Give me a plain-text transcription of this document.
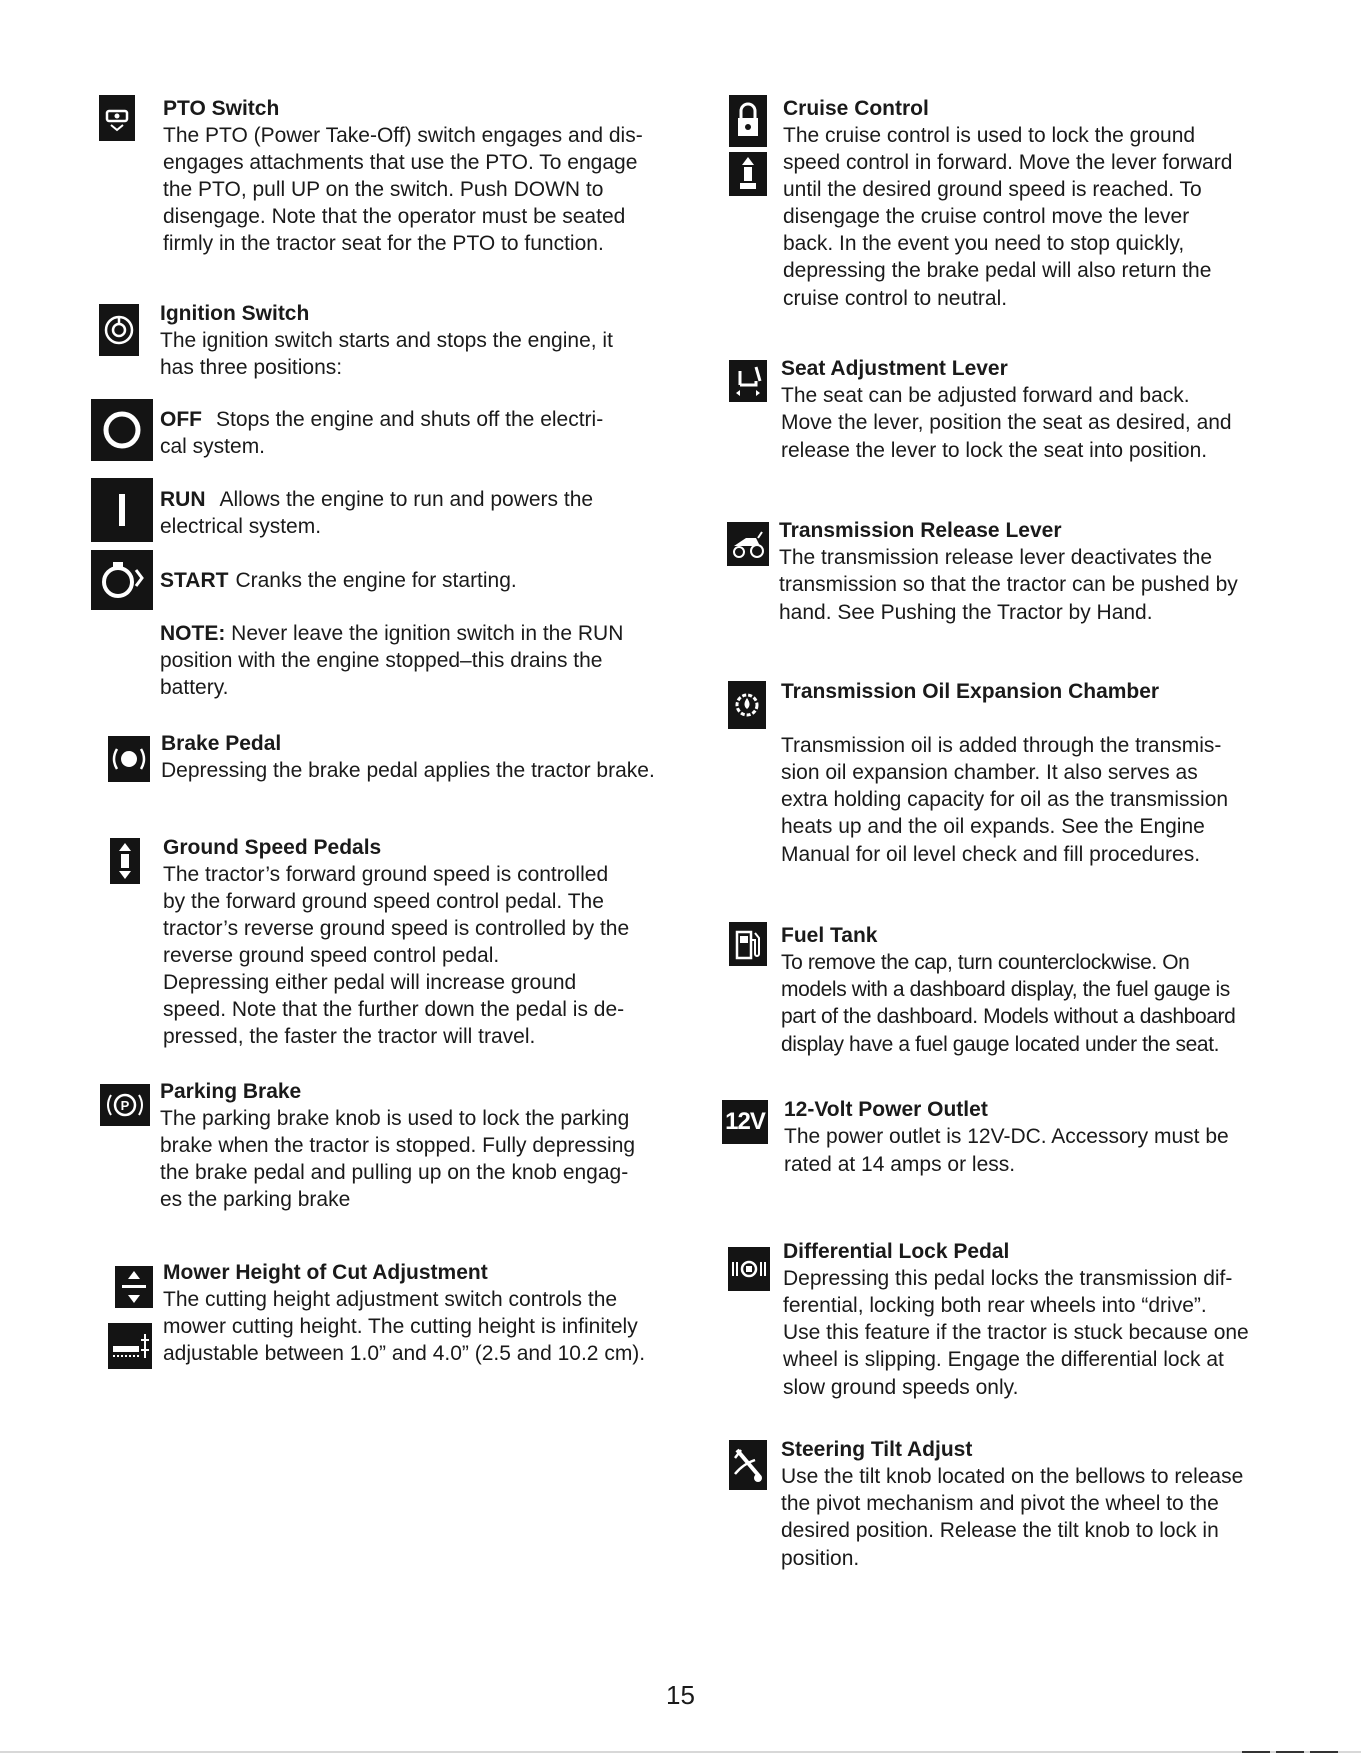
PTO Switch

The PTO (Power Take-Off) switch engages and dis-

engages attachments that use the PTO. To engage

the PTO, pull UP on the switch. Push DOWN to

disengage. Note that the operator must be seated

firmly in the tractor seat for the PTO to function.

Ignition Switch

The ignition switch starts and stops the engine, it

has three positions:

OFF Stops the engine and shuts off the electri-

cal system.

RUN Allows the engine to run and powers the

electrical system.

START Cranks the engine for starting.

NOTE: Never leave the ignition switch in the RUN

position with the engine stopped–this drains the

battery.

Brake Pedal

Depressing the brake pedal applies the tractor brake.

Ground Speed Pedals

The tractor’s forward ground speed is controlled

by the forward ground speed control pedal. The

tractor’s reverse ground speed is controlled by the

reverse ground speed control pedal.

Depressing either pedal will increase ground

speed. Note that the further down the pedal is de-

pressed, the faster the tractor will travel.

P

Parking Brake

The parking brake knob is used to lock the parking

brake when the tractor is stopped. Fully depressing

the brake pedal and pulling up on the knob engag-

es the parking brake

Mower Height of Cut Adjustment

The cutting height adjustment switch controls the

mower cutting height. The cutting height is infinitely

adjustable between 1.0” and 4.0” (2.5 and 10.2 cm).

Cruise Control

The cruise control is used to lock the ground

speed control in forward. Move the lever forward

until the desired ground speed is reached. To

disengage the cruise control move the lever

back. In the event you need to stop quickly,

depressing the brake pedal will also return the

cruise control to neutral.

Seat Adjustment Lever

The seat can be adjusted forward and back.

Move the lever, position the seat as desired, and

release the lever to lock the seat into position.

Transmission Release Lever

The transmission release lever deactivates the

transmission so that the tractor can be pushed by

hand. See Pushing the Tractor by Hand.

Transmission Oil Expansion Chamber

Transmission oil is added through the transmis-

sion oil expansion chamber. It also serves as

extra holding capacity for oil as the transmission

heats up and the oil expands. See the Engine

Manual for oil level check and fill procedures.

Fuel Tank

To remove the cap, turn counterclockwise. On

models with a dashboard display, the fuel gauge is

part of the dashboard. Models without a dashboard

display have a fuel gauge located under the seat.

12V 12-Volt Power Outlet

The power outlet is 12V-DC. Accessory must be

rated at 14 amps or less.

Differential Lock Pedal

Depressing this pedal locks the transmission dif-

ferential, locking both rear wheels into “drive”.

Use this feature if the tractor is stuck because one

wheel is slipping. Engage the differential lock at

slow ground speeds only.

Steering Tilt Adjust

Use the tilt knob located on the bellows to release

the pivot mechanism and pivot the wheel to the

desired position. Release the tilt knob to lock in

position.

15
